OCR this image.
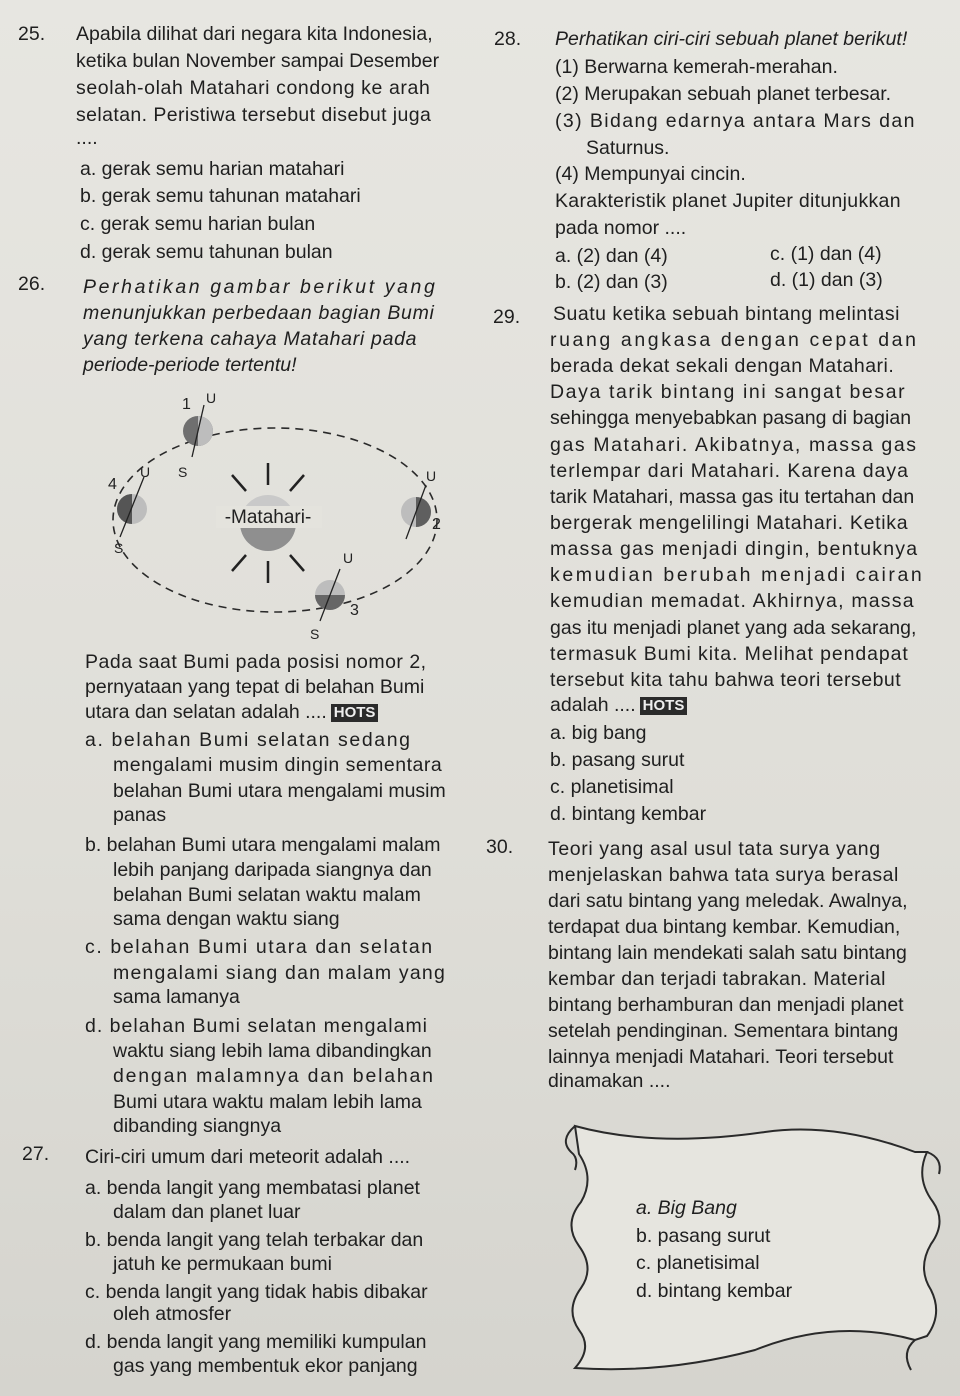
25. Apabila dilihat dari negara kita Indonesia,
ketika bulan November sampai Desember
seolah-olah Matahari condong ke arah
selatan. Peristiwa tersebut disebut juga
....
a. gerak semu harian matahari
b. gerak semu tahunan matahari
c. gerak semu harian bulan
d. gerak semu tahunan bulan
26. Perhatikan gambar berikut yang
menunjukkan perbedaan bagian Bumi
yang terkena cahaya Matahari pada
periode-periode tertentu!
-Matahari-
1 U
2
U
3
U
S
4
U S
S
Pada saat Bumi pada posisi nomor 2,
pernyataan yang tepat di belahan Bumi
utara dan selatan adalah .... HOTS
a. belahan Bumi selatan sedang
mengalami musim dingin sementara
belahan Bumi utara mengalami musim
panas
b. belahan Bumi utara mengalami malam
lebih panjang daripada siangnya dan
belahan Bumi selatan waktu malam
sama dengan waktu siang
c. belahan Bumi utara dan selatan
mengalami siang dan malam yang
sama lamanya
d. belahan Bumi selatan mengalami
waktu siang lebih lama dibandingkan
dengan malamnya dan belahan
Bumi utara waktu malam lebih lama
dibanding siangnya
27. Ciri-ciri umum dari meteorit adalah ....
a. benda langit yang membatasi planet
dalam dan planet luar
b. benda langit yang telah terbakar dan
jatuh ke permukaan bumi
c. benda langit yang tidak habis dibakar
oleh atmosfer
d. benda langit yang memiliki kumpulan
gas yang membentuk ekor panjang
28. Perhatikan ciri-ciri sebuah planet berikut!
(1) Berwarna kemerah-merahan.
(2) Merupakan sebuah planet terbesar.
(3) Bidang edarnya antara Mars dan
Saturnus.
(4) Mempunyai cincin.
Karakteristik planet Jupiter ditunjukkan
pada nomor ....
a. (2) dan (4)
b. (2) dan (3)
c. (1) dan (4)
d. (1) dan (3)
29. Suatu ketika sebuah bintang melintasi
ruang angkasa dengan cepat dan
berada dekat sekali dengan Matahari.
Daya tarik bintang ini sangat besar
sehingga menyebabkan pasang di bagian
gas Matahari. Akibatnya, massa gas
terlempar dari Matahari. Karena daya
tarik Matahari, massa gas itu tertahan dan
bergerak mengelilingi Matahari. Ketika
massa gas menjadi dingin, bentuknya
kemudian berubah menjadi cairan
kemudian memadat. Akhirnya, massa
gas itu menjadi planet yang ada sekarang,
termasuk Bumi kita. Melihat pendapat
tersebut kita tahu bahwa teori tersebut
adalah .... HOTS
a. big bang
b. pasang surut
c. planetisimal
d. bintang kembar
30. Teori yang asal usul tata surya yang
menjelaskan bahwa tata surya berasal
dari satu bintang yang meledak. Awalnya,
terdapat dua bintang kembar. Kemudian,
bintang lain mendekati salah satu bintang
kembar dan terjadi tabrakan. Material
bintang berhamburan dan menjadi planet
setelah pendinginan. Sementara bintang
lainnya menjadi Matahari. Teori tersebut
dinamakan ....
a. Big Bang
b. pasang surut
c. planetisimal
d. bintang kembar
